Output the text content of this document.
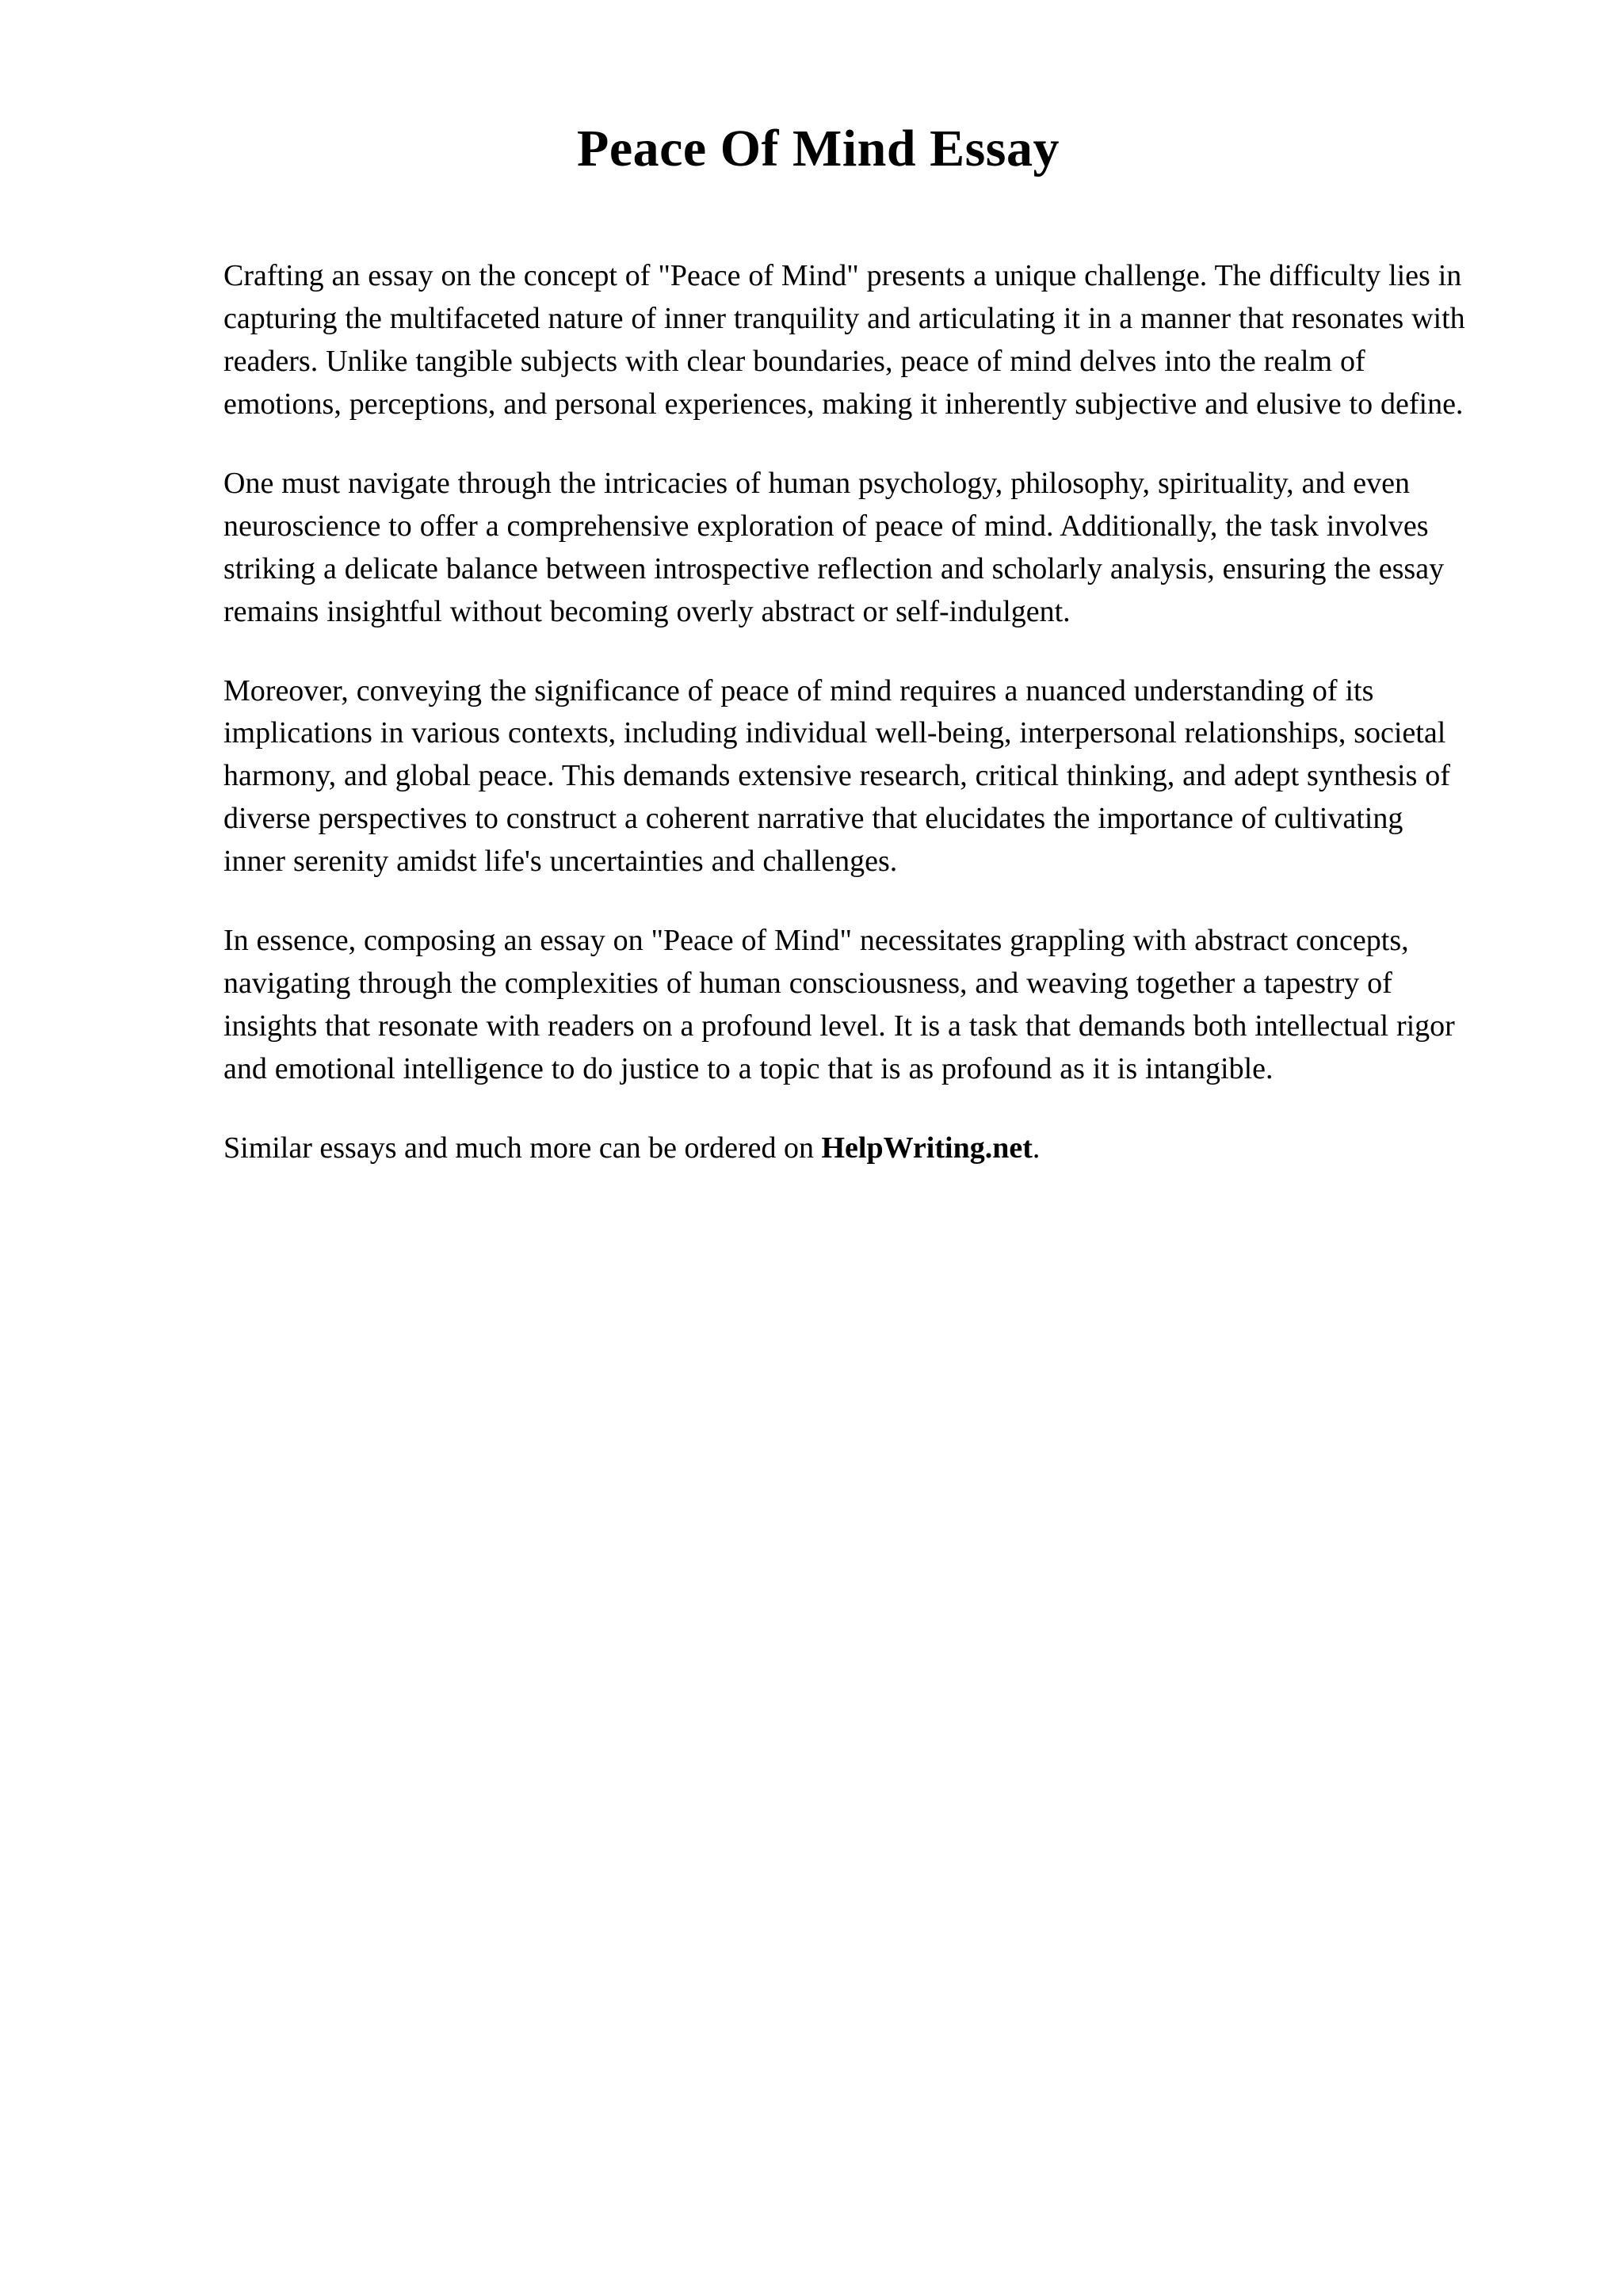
Peace Of Mind Essay

Crafting an essay on the concept of "Peace of Mind" presents a unique challenge. The difficulty lies in capturing the multifaceted nature of inner tranquility and articulating it in a manner that resonates with readers. Unlike tangible subjects with clear boundaries, peace of mind delves into the realm of emotions, perceptions, and personal experiences, making it inherently subjective and elusive to define.

One must navigate through the intricacies of human psychology, philosophy, spirituality, and even neuroscience to offer a comprehensive exploration of peace of mind. Additionally, the task involves striking a delicate balance between introspective reflection and scholarly analysis, ensuring the essay remains insightful without becoming overly abstract or self-indulgent.

Moreover, conveying the significance of peace of mind requires a nuanced understanding of its implications in various contexts, including individual well-being, interpersonal relationships, societal harmony, and global peace. This demands extensive research, critical thinking, and adept synthesis of diverse perspectives to construct a coherent narrative that elucidates the importance of cultivating inner serenity amidst life's uncertainties and challenges.

In essence, composing an essay on "Peace of Mind" necessitates grappling with abstract concepts, navigating through the complexities of human consciousness, and weaving together a tapestry of insights that resonate with readers on a profound level. It is a task that demands both intellectual rigor and emotional intelligence to do justice to a topic that is as profound as it is intangible.

Similar essays and much more can be ordered on HelpWriting.net.
